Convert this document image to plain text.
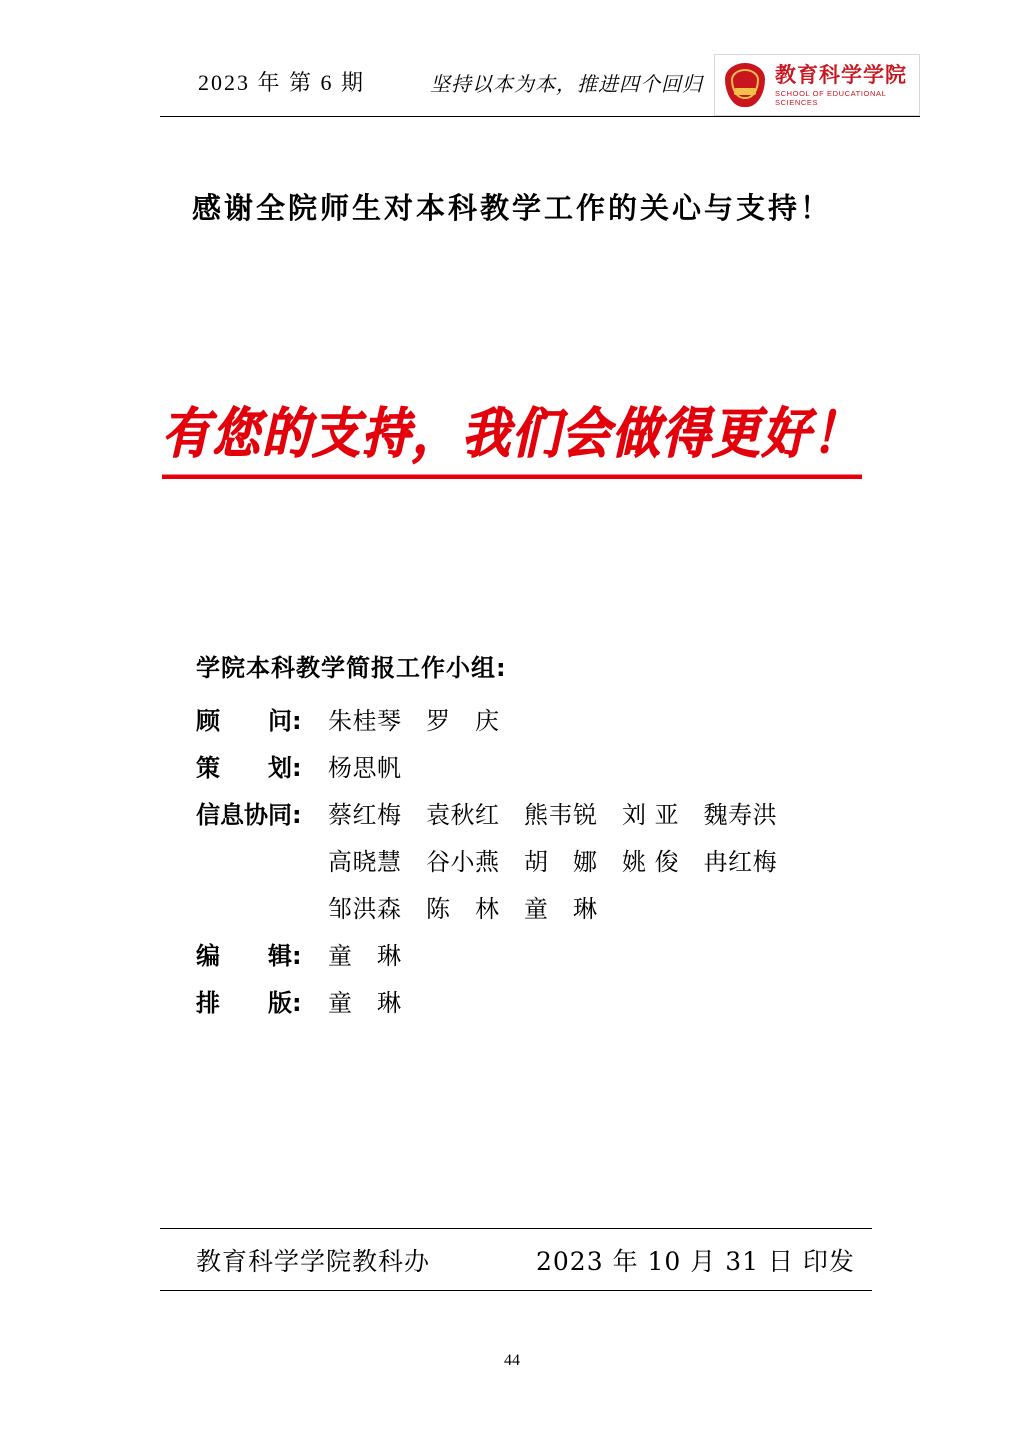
2023 年 第 6 期	坚持以本为本，推进四个回归	教育科学学院
SCHOOL OF EDUCATIONAL SCIENCES
感谢全院师生对本科教学工作的关心与支持！
有您的支持，我们会做得更好！
学院本科教学简报工作小组:
顾　　问:	朱桂琴　罗　庆
策　　划:	杨思帆
信息协同:	蔡红梅　袁秋红　熊韦锐　刘 亚　魏寿洪
高晓慧　谷小燕　胡　娜　姚 俊　冉红梅
邹洪森　陈　林　童　琳
编　　辑:	童　琳
排　　版:	童　琳
教育科学学院教科办	2023 年 10 月 31 日 印发
44
